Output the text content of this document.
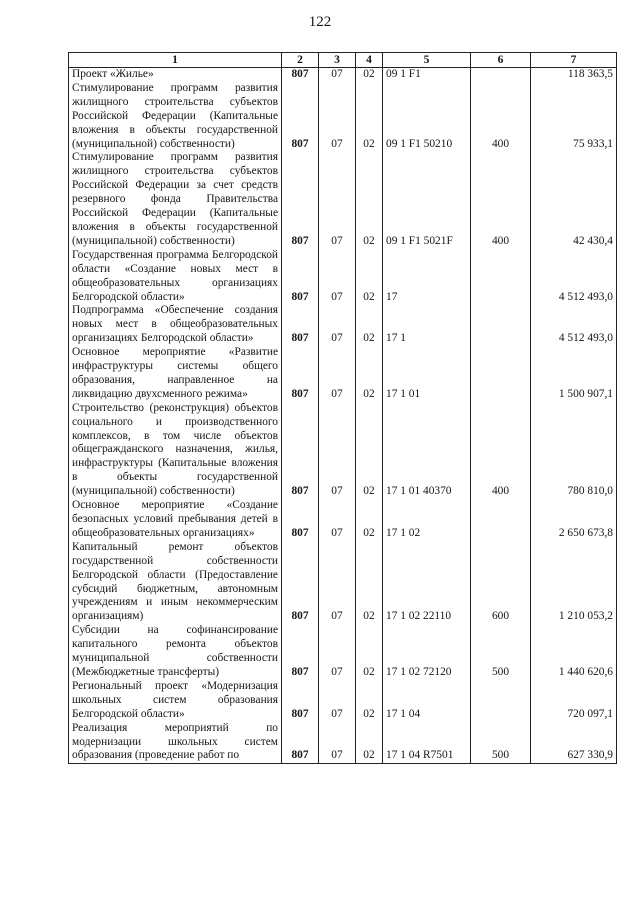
122
1	2	3	4	5	6	7
Проект «Жилье»	807	07	02	09 1 F1		118 363,5
Стимулирование программ развития жилищного строительства субъектов Российской Федерации (Капитальные вложения в объекты государственной (муниципальной) собственности)	807	07	02	09 1 F1 50210	400	75 933,1
Стимулирование программ развития жилищного строительства субъектов Российской Федерации за счет средств резервного фонда Правительства Российской Федерации (Капитальные вложения в объекты государственной (муниципальной) собственности)	807	07	02	09 1 F1 5021F	400	42 430,4
Государственная программа Белгородской области «Создание новых мест в общеобразовательных организациях Белгородской области»	807	07	02	17		4 512 493,0
Подпрограмма «Обеспечение создания новых мест в общеобразовательных организациях Белгородской области»	807	07	02	17 1		4 512 493,0
Основное мероприятие «Развитие инфраструктуры системы общего образования, направленное на ликвидацию двухсменного режима»	807	07	02	17 1 01		1 500 907,1
Строительство (реконструкция) объектов социального и производственного комплексов, в том числе объектов общегражданского назначения, жилья, инфраструктуры (Капитальные вложения в объекты государственной (муниципальной) собственности)	807	07	02	17 1 01 40370	400	780 810,0
Основное мероприятие «Создание безопасных условий пребывания детей в общеобразовательных организациях»	807	07	02	17 1 02		2 650 673,8
Капитальный ремонт объектов государственной собственности Белгородской области (Предоставление субсидий бюджетным, автономным учреждениям и иным некоммерческим организациям)	807	07	02	17 1 02 22110	600	1 210 053,2
Субсидии на софинансирование капитального ремонта объектов муниципальной собственности (Межбюджетные трансферты)	807	07	02	17 1 02 72120	500	1 440 620,6
Региональный проект «Модернизация школьных систем образования Белгородской области»	807	07	02	17 1 04		720 097,1
Реализация мероприятий по модернизации школьных систем образования (проведение работ по	807	07	02	17 1 04 R7501	500	627 330,9
